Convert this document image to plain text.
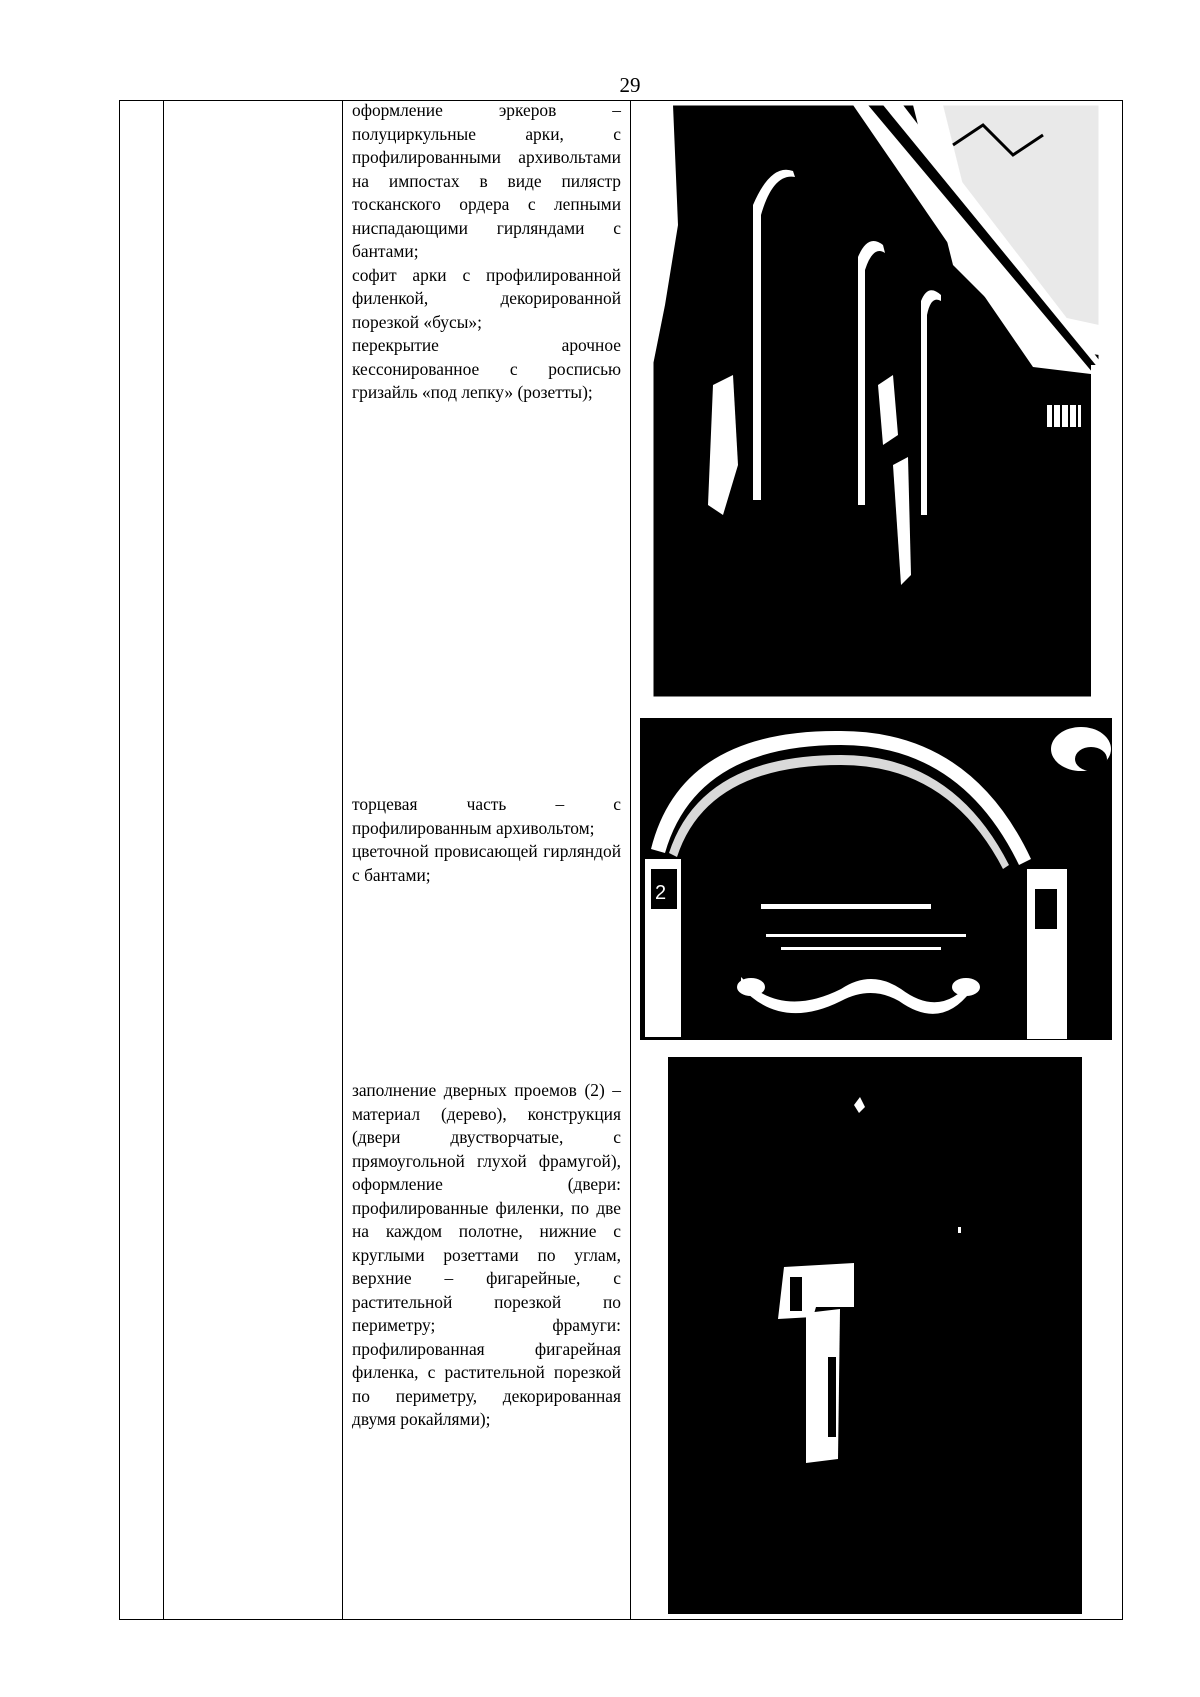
29
оформление эркеров – полуциркульные арки, с профилированными архивольтами на импостах в виде пилястр тосканского ордера с лепными ниспадающими гирляндами с бантами;
софит арки с профилированной филенкой, декорированной порезкой «бусы»;
перекрытие арочное кессонированное с росписью гризайль «под лепку» (розетты);
торцевая часть – с профилированным архивольтом;
цветочной провисающей гирляндой с бантами;
2
заполнение дверных проемов (2) – материал (дерево), конструкция (двери двустворчатые, с прямоугольной глухой фрамугой), оформление (двери: профилированные филенки, по две на каждом полотне, нижние с круглыми розеттами по углам, верхние – фигарейные, с растительной порезкой по периметру; фрамуги: профилированная фигарейная филенка, с растительной порезкой по периметру, декорированная двумя рокайлями);
